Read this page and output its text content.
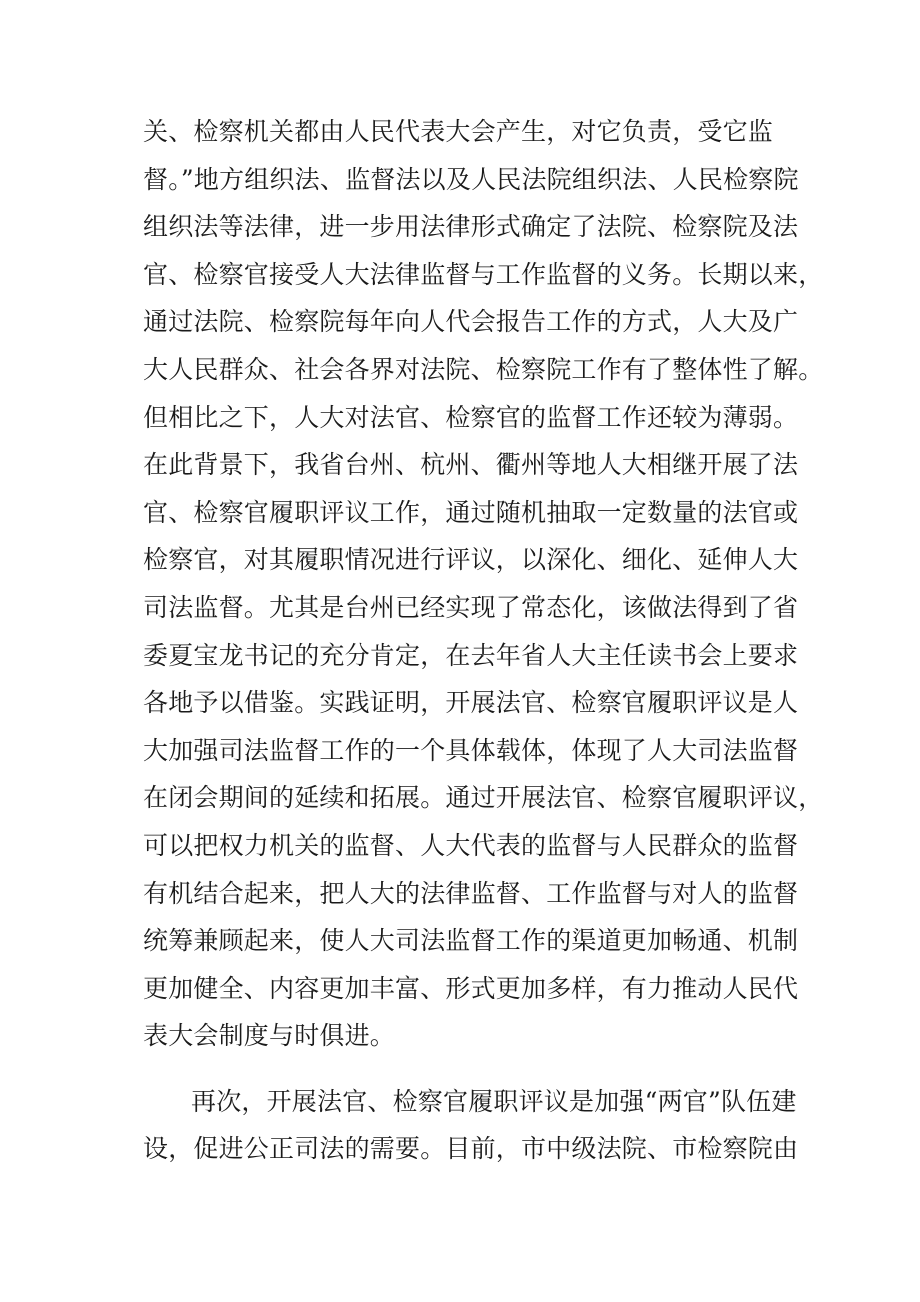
关、检察机关都由人民代表大会产生，对它负责，受它监
督。”地方组织法、监督法以及人民法院组织法、人民检察院
组织法等法律，进一步用法律形式确定了法院、检察院及法
官、检察官接受人大法律监督与工作监督的义务。长期以来，
通过法院、检察院每年向人代会报告工作的方式，人大及广
大人民群众、社会各界对法院、检察院工作有了整体性了解。
但相比之下，人大对法官、检察官的监督工作还较为薄弱。
在此背景下，我省台州、杭州、衢州等地人大相继开展了法
官、检察官履职评议工作，通过随机抽取一定数量的法官或
检察官，对其履职情况进行评议，以深化、细化、延伸人大
司法监督。尤其是台州已经实现了常态化，该做法得到了省
委夏宝龙书记的充分肯定，在去年省人大主任读书会上要求
各地予以借鉴。实践证明，开展法官、检察官履职评议是人
大加强司法监督工作的一个具体载体，体现了人大司法监督
在闭会期间的延续和拓展。通过开展法官、检察官履职评议，
可以把权力机关的监督、人大代表的监督与人民群众的监督
有机结合起来，把人大的法律监督、工作监督与对人的监督
统筹兼顾起来，使人大司法监督工作的渠道更加畅通、机制
更加健全、内容更加丰富、形式更加多样，有力推动人民代
表大会制度与时俱进。
再次，开展法官、检察官履职评议是加强“两官”队伍建
设，促进公正司法的需要。目前，市中级法院、市检察院由
